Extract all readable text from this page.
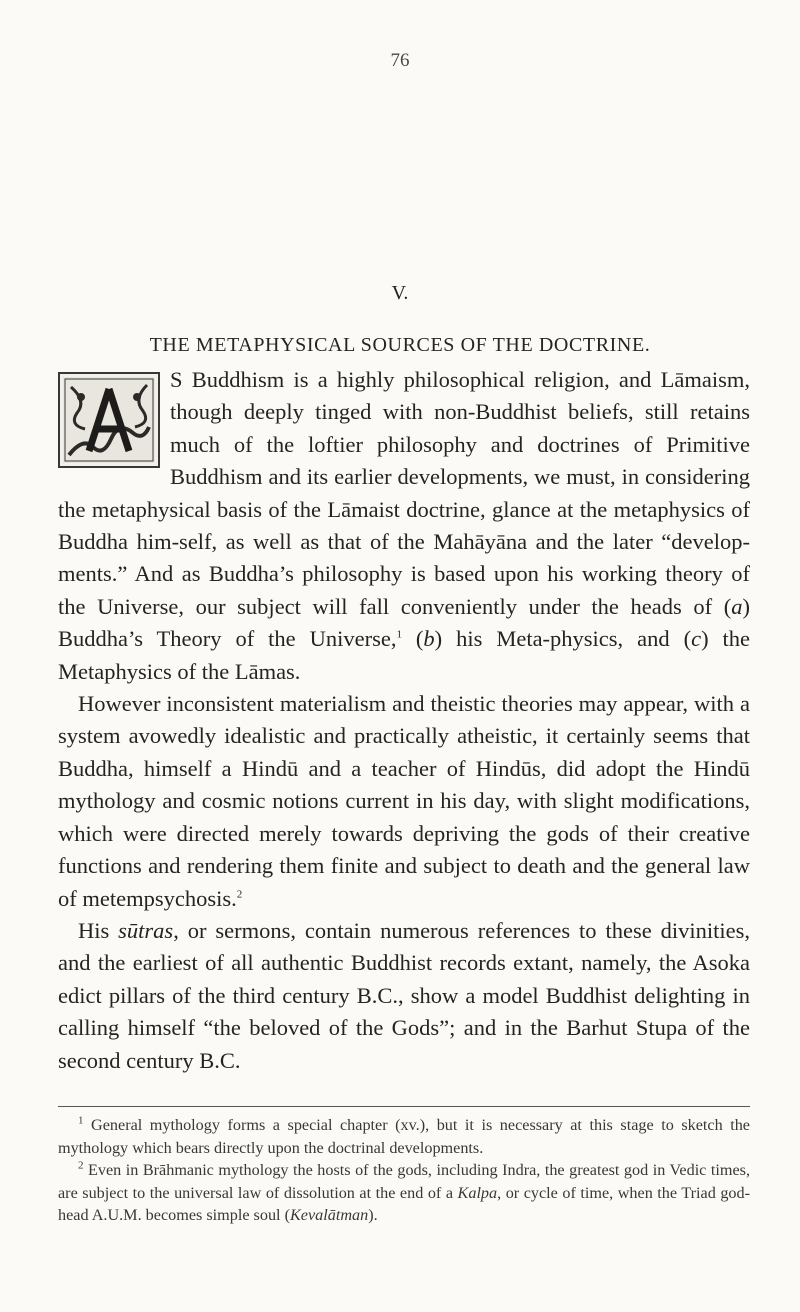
76
V.
THE METAPHYSICAL SOURCES OF THE DOCTRINE.

S Buddhism is a highly philosophical religion, and Lāmaism, though deeply tinged with non-Buddhist beliefs, still retains much of the loftier philosophy and doctrines of Primitive Buddhism and its earlier developments, we must, in considering the metaphysical basis of the Lāmaist doctrine, glance at the metaphysics of Buddha him-self, as well as that of the Mahāyāna and the later “develop-ments.” And as Buddha’s philosophy is based upon his working theory of the Universe, our subject will fall conveniently under the heads of (a) Buddha’s Theory of the Universe,$^1$ (b) his Meta-physics, and (c) the Metaphysics of the Lāmas.

However inconsistent materialism and theistic theories may appear, with a system avowedly idealistic and practically atheistic, it certainly seems that Buddha, himself a Hindū and a teacher of Hindūs, did adopt the Hindū mythology and cosmic notions current in his day, with slight modifications, which were directed merely towards depriving the gods of their creative functions and rendering them finite and subject to death and the general law of metempsychosis.$^2$

His sūtras, or sermons, contain numerous references to these divinities, and the earliest of all authentic Buddhist records extant, namely, the Asoka edict pillars of the third century B.C., show a model Buddhist delighting in calling himself “the beloved of the Gods”; and in the Barhut Stupa of the second century B.C.

$^1$ General mythology forms a special chapter (xv.), but it is necessary at this stage to sketch the mythology which bears directly upon the doctrinal developments.

$^2$ Even in Brāhmanic mythology the hosts of the gods, including Indra, the greatest god in Vedic times, are subject to the universal law of dissolution at the end of a Kalpa, or cycle of time, when the Triad god-head A.U.M. becomes simple soul (Kevalātman).
